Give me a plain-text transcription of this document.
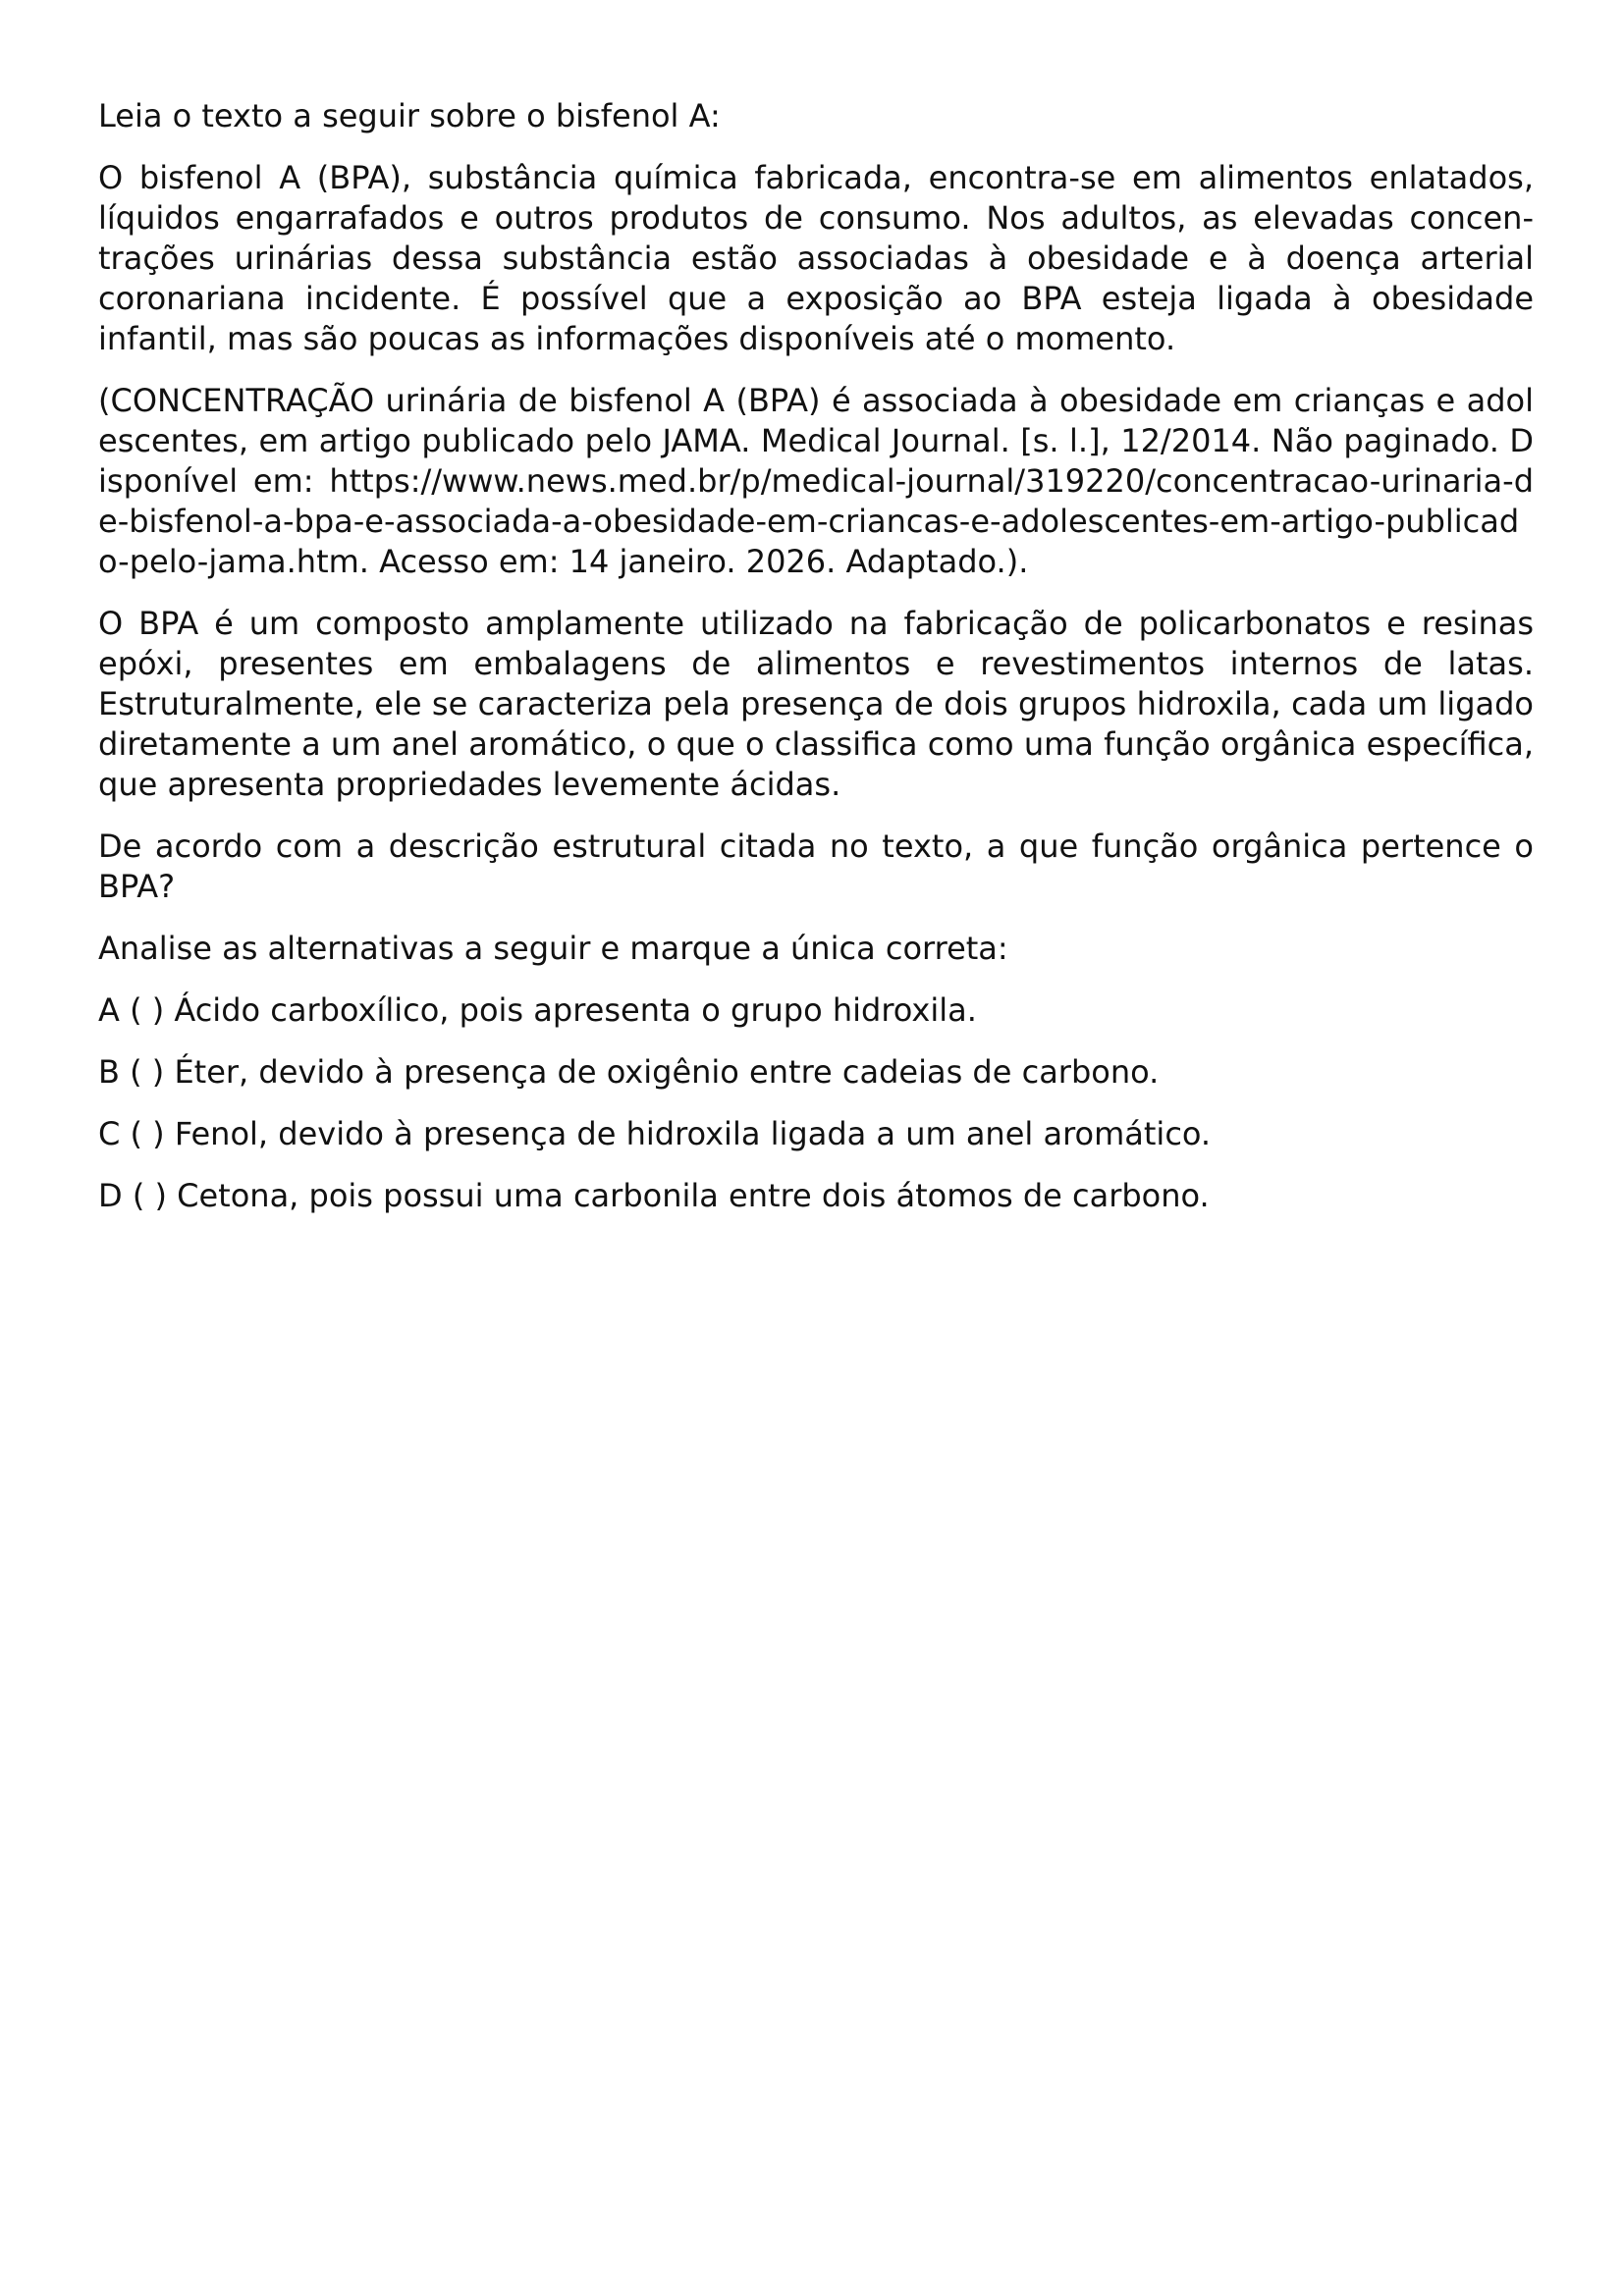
Leia o texto a seguir sobre o bisfenol A:

O bisfenol A (BPA), substância química fabricada, encontra-se em alimentos enlatados, líquidos engarrafados e outros produtos de consumo. Nos adultos, as elevadas concentrações urinárias dessa substância estão associadas à obesidade e à doença arterial coronariana incidente. É possível que a exposição ao BPA esteja ligada à obesidade infantil, mas são poucas as informações disponíveis até o momento.

(CONCENTRAÇÃO urinária de bisfenol A (BPA) é associada à obesidade em crianças e adolescentes, em artigo publicado pelo JAMA. Medical Journal. [s. l.], 12/2014. Não paginado. Disponível em: https://www.news.med.br/p/medical-journal/319220/concentracao-urinaria-de-bisfenol-a-bpa-e-associada-a-obesidade-em-criancas-e-adolescentes-em-artigo-publicado-pelo-jama.htm. Acesso em: 14 janeiro. 2026. Adaptado.).

O BPA é um composto amplamente utilizado na fabricação de policarbonatos e resinas epóxi, presentes em embalagens de alimentos e revestimentos internos de latas. Estruturalmente, ele se caracteriza pela presença de dois grupos hidroxila, cada um ligado diretamente a um anel aromático, o que o classifica como uma função orgânica específica, que apresenta propriedades levemente ácidas.

De acordo com a descrição estrutural citada no texto, a que função orgânica pertence o BPA?

Analise as alternativas a seguir e marque a única correta:

A ( ) Ácido carboxílico, pois apresenta o grupo hidroxila.

B ( ) Éter, devido à presença de oxigênio entre cadeias de carbono.

C ( ) Fenol, devido à presença de hidroxila ligada a um anel aromático.

D ( ) Cetona, pois possui uma carbonila entre dois átomos de carbono.
